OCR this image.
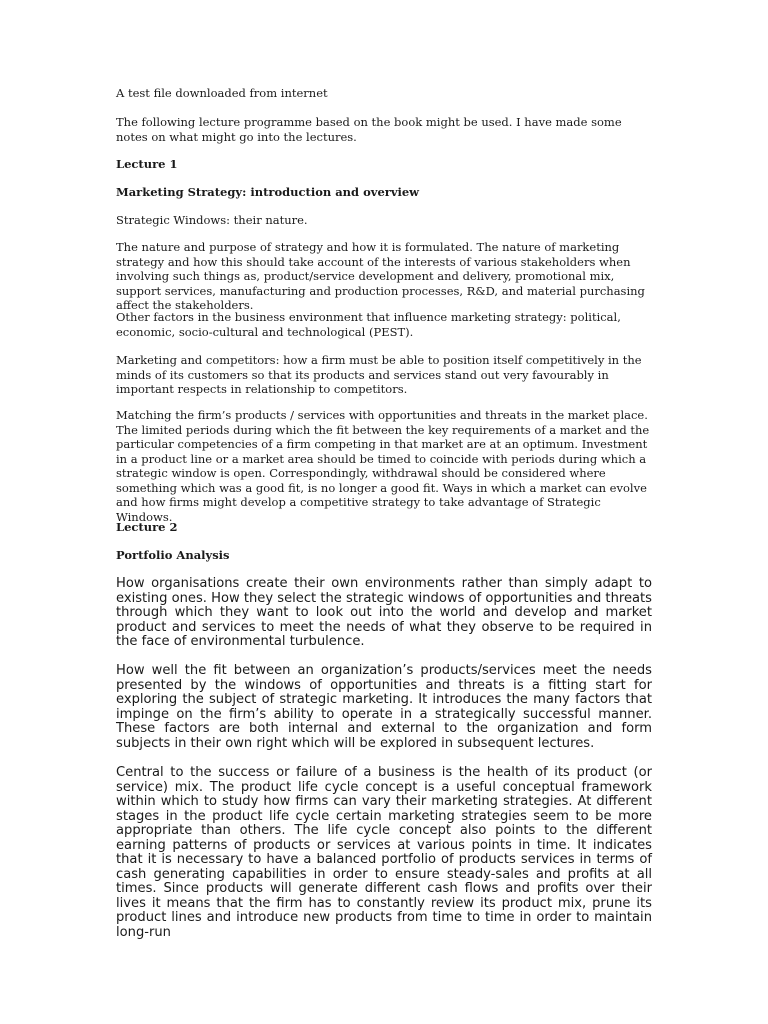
A test file downloaded from internet

The following lecture programme based on the book might be used. I have made some notes on what might go into the lectures.

Lecture 1

Marketing Strategy: introduction and overview

Strategic Windows: their nature.

The nature and purpose of strategy and how it is formulated. The nature of marketing strategy and how this should take account of the interests of various stakeholders when involving such things as, product/service development and delivery, promotional mix, support services, manufacturing and production processes, R&D, and material purchasing affect the stakeholders.

Other factors in the business environment that influence marketing strategy: political, economic, socio-cultural and technological (PEST).

Marketing and competitors: how a firm must be able to position itself competitively in the minds of its customers so that its products and services stand out very favourably in important respects in relationship to competitors.

Matching the firm’s products / services with opportunities and threats in the market place. The limited periods during which the fit between the key requirements of a market and the particular competencies of a firm competing in that market are at an optimum. Investment in a product line or a market area should be timed to coincide with periods during which a strategic window is open. Correspondingly, withdrawal should be considered where something which was a good fit, is no longer a good fit. Ways in which a market can evolve and how firms might develop a competitive strategy to take advantage of Strategic Windows.

Lecture 2

Portfolio Analysis

How organisations create their own environments rather than simply adapt to existing ones. How they select the strategic windows of opportunities and threats through which they want to look out into the world and develop and market product and services to meet the needs of what they observe to be required in the face of environmental turbulence.

How well the fit between an organization’s products/services meet the needs presented by the windows of opportunities and threats is a fitting start for exploring the subject of strategic marketing. It introduces the many factors that impinge on the firm’s ability to operate in a strategically successful manner. These factors are both internal and external to the organization and form subjects in their own right which will be explored in subsequent lectures.

Central to the success or failure of a business is the health of its product (or service) mix. The product life cycle concept is a useful conceptual framework within which to study how firms can vary their marketing strategies. At different stages in the product life cycle certain marketing strategies seem to be more appropriate than others. The life cycle concept also points to the different earning patterns of products or services at various points in time. It indicates that it is necessary to have a balanced portfolio of products services in terms of cash generating capabilities in order to ensure steady-sales and profits at all times. Since products will generate different cash flows and profits over their lives it means that the firm has to constantly review its product mix, prune its product lines and introduce new products from time to time in order to maintain long-run
